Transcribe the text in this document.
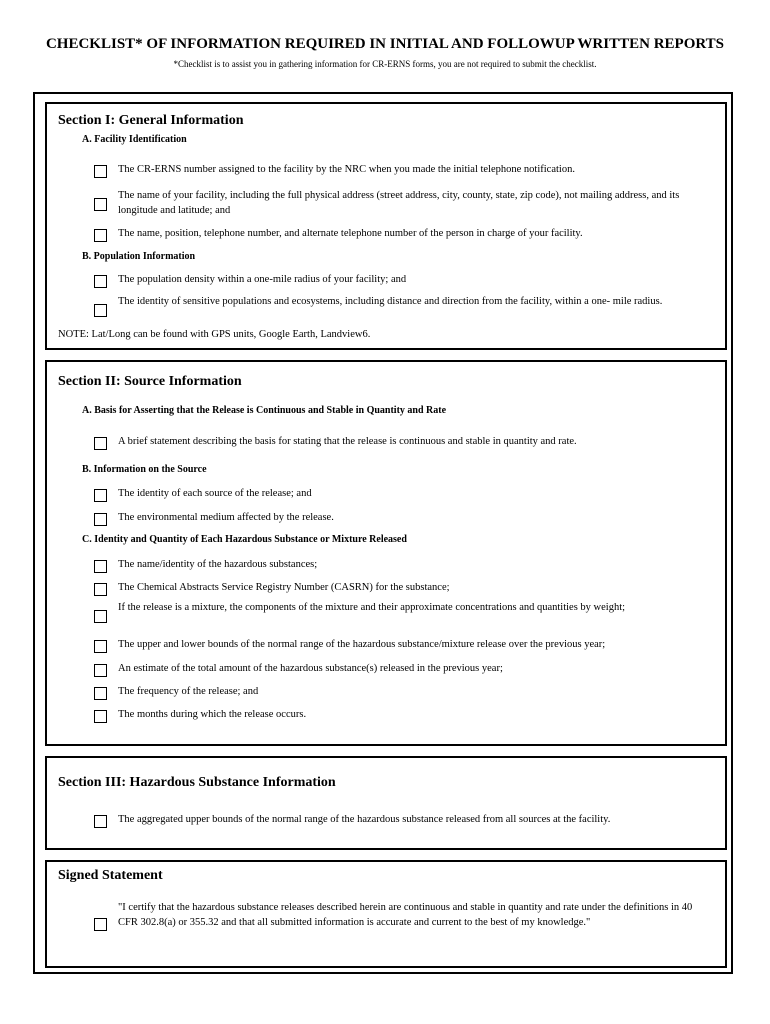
CHECKLIST* OF INFORMATION REQUIRED IN INITIAL AND FOLLOWUP WRITTEN REPORTS
*Checklist is to assist you in gathering information for CR-ERNS forms, you are not required to submit the checklist.
Section I: General Information
A. Facility Identification
The CR-ERNS number assigned to the facility by the NRC when you made the initial telephone notification.
The name of your facility, including the full physical address (street address, city, county, state, zip code), not mailing address, and its longitude and latitude; and
The name, position, telephone number, and alternate telephone number of the person in charge of your facility.
B. Population Information
The population density within a one-mile radius of your facility; and
The identity of sensitive populations and ecosystems, including distance and direction from the facility, within a one- mile radius.
NOTE: Lat/Long can be found with GPS units, Google Earth, Landview6.
Section II: Source Information
A. Basis for Asserting that the Release is Continuous and Stable in Quantity and Rate
A brief statement describing the basis for stating that the release is continuous and stable in quantity and rate.
B. Information on the Source
The identity of each source of the release; and
The environmental medium affected by the release.
C. Identity and Quantity of Each Hazardous Substance or Mixture Released
The name/identity of the hazardous substances;
The Chemical Abstracts Service Registry Number (CASRN) for the substance;
If the release is a mixture, the components of the mixture and their approximate concentrations and quantities by weight;
The upper and lower bounds of the normal range of the hazardous substance/mixture release over the previous year;
An estimate of the total amount of the hazardous substance(s) released in the previous year;
The frequency of the release; and
The months during which the release occurs.
Section III: Hazardous Substance Information
The aggregated upper bounds of the normal range of the hazardous substance released from all sources at the facility.
Signed Statement
"I certify that the hazardous substance releases described herein are continuous and stable in quantity and rate under the definitions in 40 CFR 302.8(a) or 355.32 and that all submitted information is accurate and current to the best of my knowledge."
